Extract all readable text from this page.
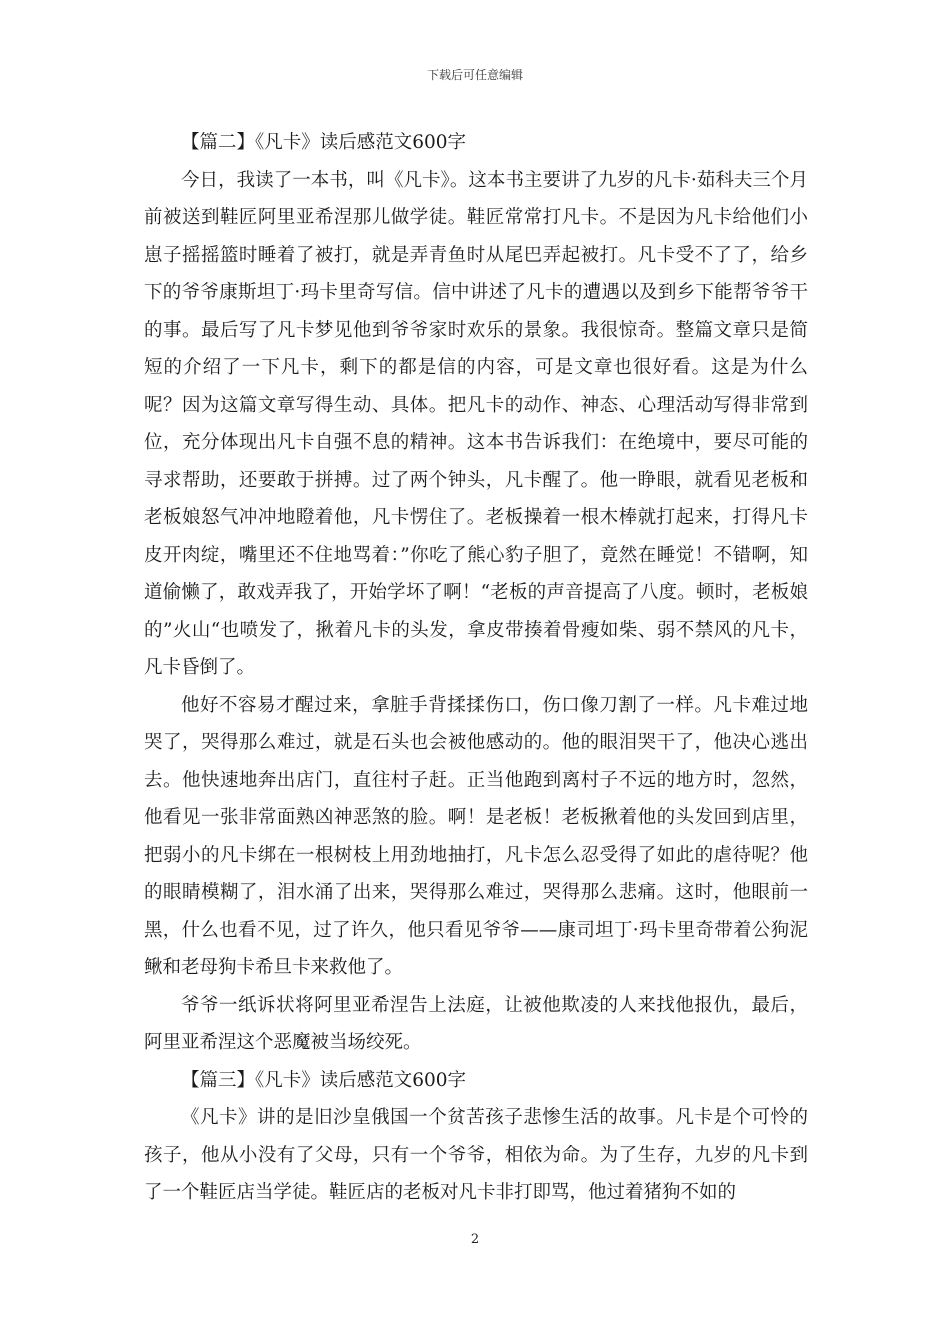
下载后可任意编辑

【篇二】《凡卡》读后感范文600字

今日，我读了一本书，叫《凡卡》。这本书主要讲了九岁的凡卡·茹科夫三个月前被送到鞋匠阿里亚希涅那儿做学徒。鞋匠常常打凡卡。不是因为凡卡给他们小崽子摇摇篮时睡着了被打，就是弄青鱼时从尾巴弄起被打。凡卡受不了了，给乡下的爷爷康斯坦丁·玛卡里奇写信。信中讲述了凡卡的遭遇以及到乡下能帮爷爷干的事。最后写了凡卡梦见他到爷爷家时欢乐的景象。我很惊奇。整篇文章只是简短的介绍了一下凡卡，剩下的都是信的内容，可是文章也很好看。这是为什么呢？因为这篇文章写得生动、具体。把凡卡的动作、神态、心理活动写得非常到位，充分体现出凡卡自强不息的精神。这本书告诉我们：在绝境中，要尽可能的寻求帮助，还要敢于拼搏。过了两个钟头，凡卡醒了。他一睁眼，就看见老板和老板娘怒气冲冲地瞪着他，凡卡愣住了。老板操着一根木棒就打起来，打得凡卡皮开肉绽，嘴里还不住地骂着：”你吃了熊心豹子胆了，竟然在睡觉！不错啊，知道偷懒了，敢戏弄我了，开始学坏了啊！“老板的声音提高了八度。顿时，老板娘的”火山“也喷发了，揪着凡卡的头发，拿皮带揍着骨瘦如柴、弱不禁风的凡卡，凡卡昏倒了。

他好不容易才醒过来，拿脏手背揉揉伤口，伤口像刀割了一样。凡卡难过地哭了，哭得那么难过，就是石头也会被他感动的。他的眼泪哭干了，他决心逃出去。他快速地奔出店门，直往村子赶。正当他跑到离村子不远的地方时，忽然，他看见一张非常面熟凶神恶煞的脸。啊！是老板！老板揪着他的头发回到店里，把弱小的凡卡绑在一根树枝上用劲地抽打，凡卡怎么忍受得了如此的虐待呢？他的眼睛模糊了，泪水涌了出来，哭得那么难过，哭得那么悲痛。这时，他眼前一黑，什么也看不见，过了许久，他只看见爷爷——康司坦丁·玛卡里奇带着公狗泥鳅和老母狗卡希旦卡来救他了。

爷爷一纸诉状将阿里亚希涅告上法庭，让被他欺凌的人来找他报仇，最后，阿里亚希涅这个恶魔被当场绞死。

【篇三】《凡卡》读后感范文600字

《凡卡》讲的是旧沙皇俄国一个贫苦孩子悲惨生活的故事。凡卡是个可怜的孩子，他从小没有了父母，只有一个爷爷，相依为命。为了生存，九岁的凡卡到了一个鞋匠店当学徒。鞋匠店的老板对凡卡非打即骂，他过着猪狗不如的

2
